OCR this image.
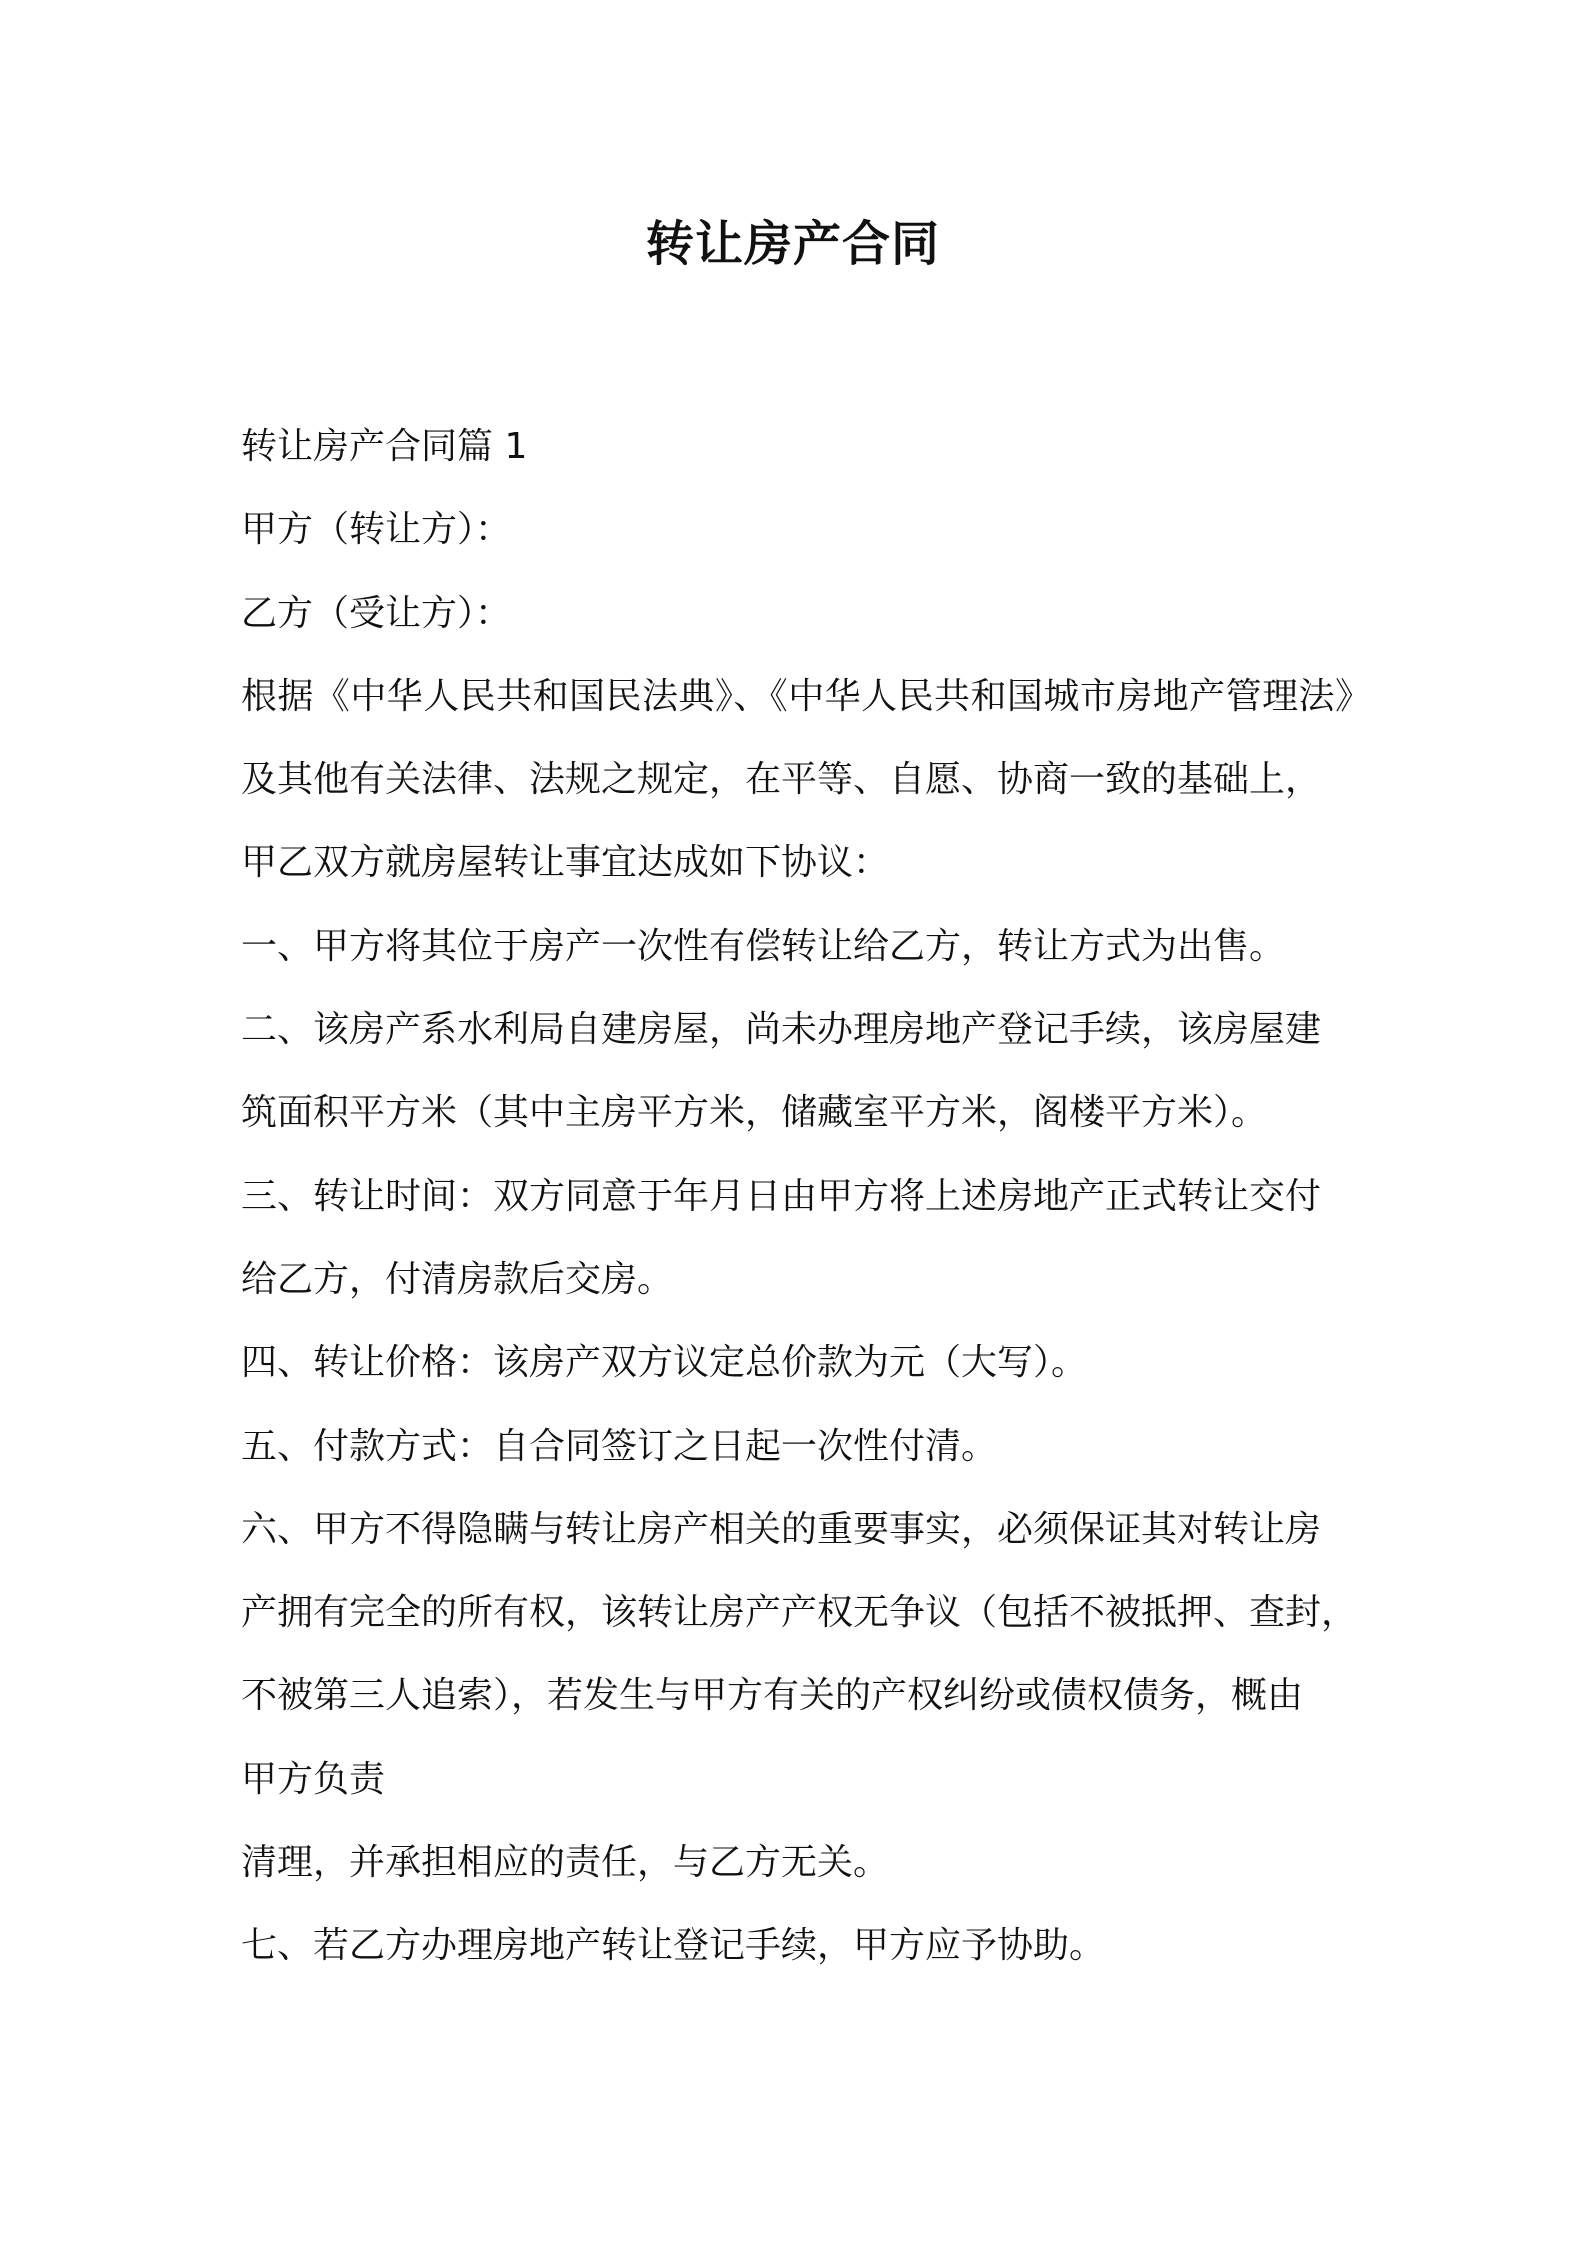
转让房产合同
转让房产合同篇 1
甲方（转让方）：
乙方（受让方）：
根据《中华人民共和国民法典》、《中华人民共和国城市房地产管理法》
及其他有关法律、法规之规定，在平等、自愿、协商一致的基础上，
甲乙双方就房屋转让事宜达成如下协议：
一、甲方将其位于房产一次性有偿转让给乙方，转让方式为出售。
二、该房产系水利局自建房屋，尚未办理房地产登记手续，该房屋建
筑面积平方米（其中主房平方米，储藏室平方米，阁楼平方米）。
三、转让时间：双方同意于年月日由甲方将上述房地产正式转让交付
给乙方，付清房款后交房。
四、转让价格：该房产双方议定总价款为元（大写）。
五、付款方式：自合同签订之日起一次性付清。
六、甲方不得隐瞒与转让房产相关的重要事实，必须保证其对转让房
产拥有完全的所有权，该转让房产产权无争议（包括不被抵押、查封，
不被第三人追索），若发生与甲方有关的产权纠纷或债权债务，概由
甲方负责
清理，并承担相应的责任，与乙方无关。
七、若乙方办理房地产转让登记手续，甲方应予协助。
